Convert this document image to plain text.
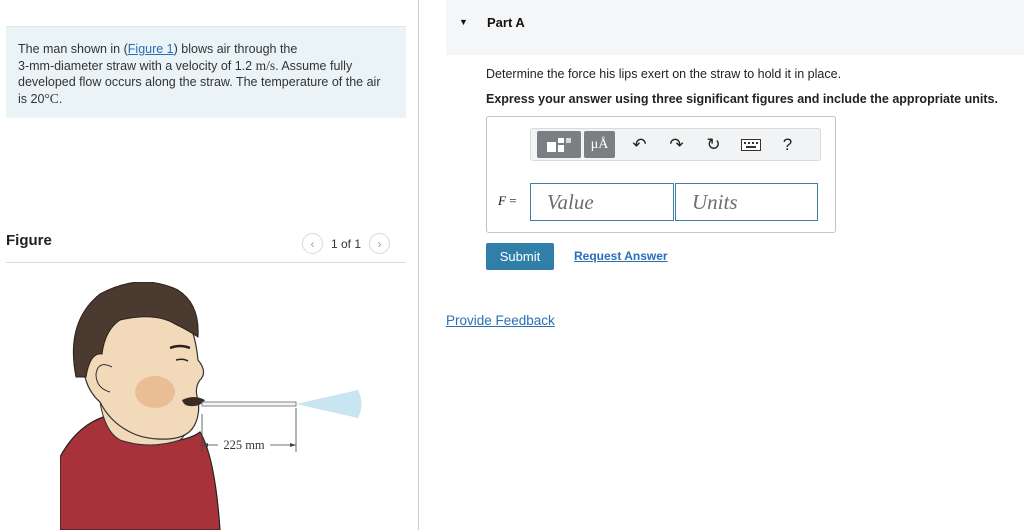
The man shown in (Figure 1) blows air through the
3-mm-diameter straw with a velocity of 1.2 m/s. Assume fully
developed flow occurs along the straw. The temperature of the air
is 20°C.
Figure	‹	1 of 1	›
225 mm
▼ Part A
Determine the force his lips exert on the straw to hold it in place.
Express your answer using three significant figures and include the appropriate units.
μÅ	↶	↷	↻	?
F =	Value	Units
Submit	Request Answer
Provide Feedback
